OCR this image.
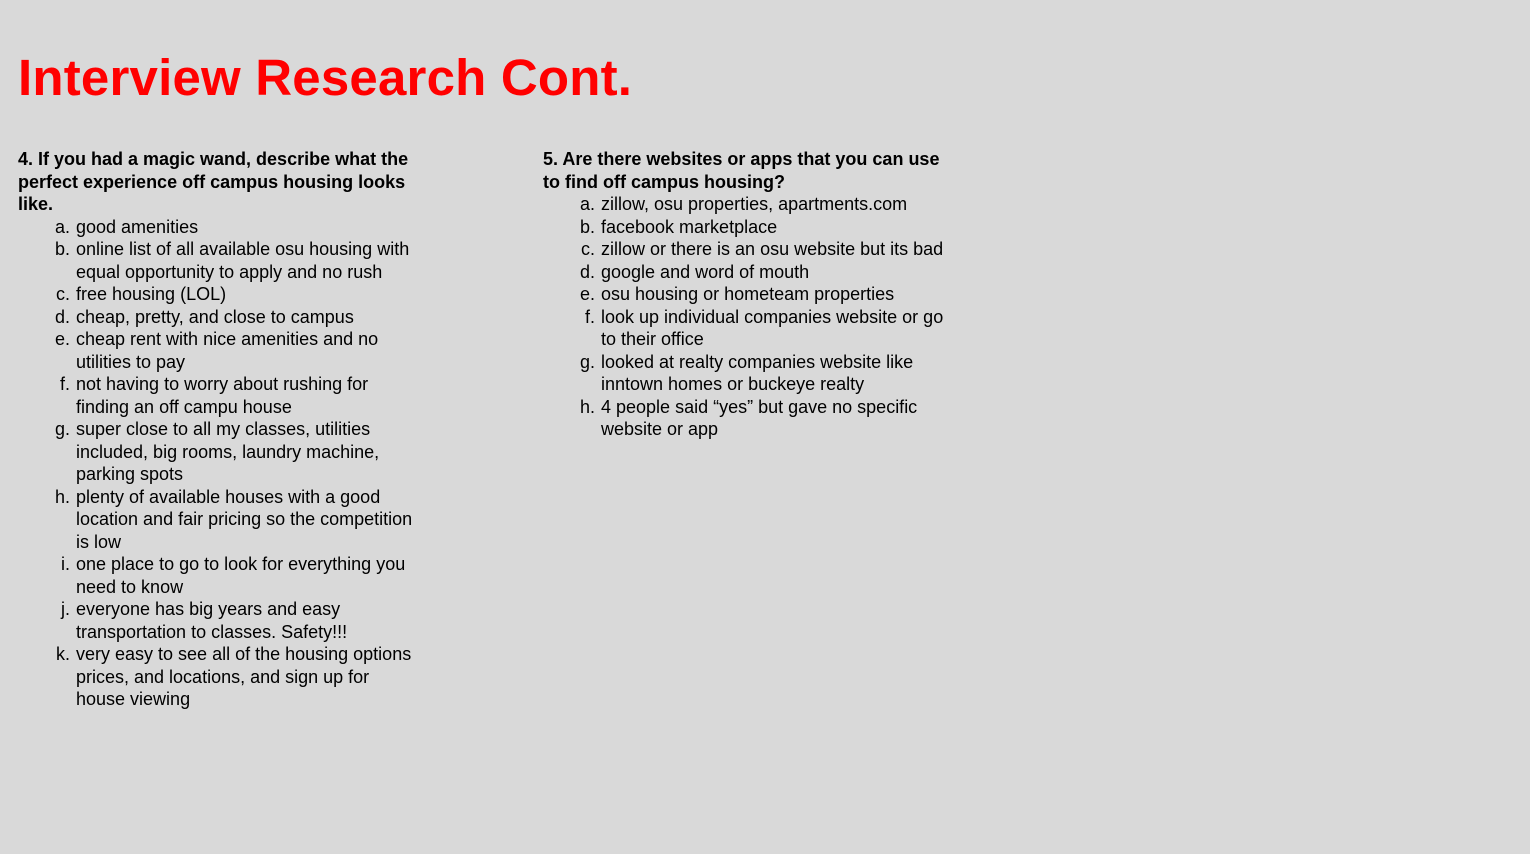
Interview Research Cont.

4. If you had a magic wand, describe what the perfect experience off campus housing looks like.

a. good amenities
b. online list of all available osu housing with equal opportunity to apply and no rush
c. free housing (LOL)
d. cheap, pretty, and close to campus
e. cheap rent with nice amenities and no utilities to pay
f. not having to worry about rushing for finding an off campu house
g. super close to all my classes, utilities included, big rooms, laundry machine, parking spots
h. plenty of available houses with a good location and fair pricing so the competition is low
i. one place to go to look for everything you need to know
j. everyone has big years and easy transportation to classes. Safety!!!
k. very easy to see all of the housing options prices, and locations, and sign up for house viewing

5. Are there websites or apps that you can use to find off campus housing?

a. zillow, osu properties, apartments.com
b. facebook marketplace
c. zillow or there is an osu website but its bad
d. google and word of mouth
e. osu housing or hometeam properties
f. look up individual companies website or go to their office
g. looked at realty companies website like inntown homes or buckeye realty
h. 4 people said “yes” but gave no specific website or app
